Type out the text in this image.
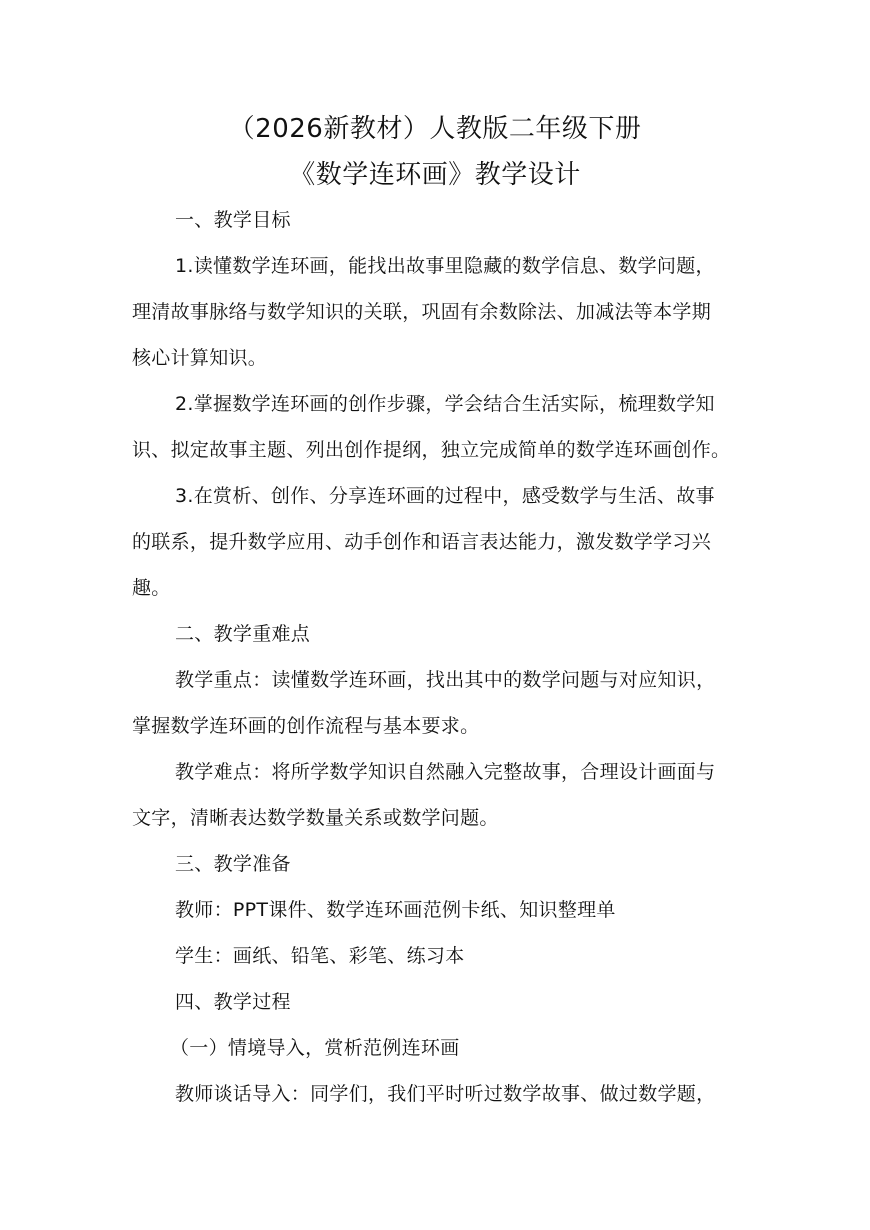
（2026新教材）人教版二年级下册
《数学连环画》教学设计
一、教学目标
1.读懂数学连环画，能找出故事里隐藏的数学信息、数学问题，
理清故事脉络与数学知识的关联，巩固有余数除法、加减法等本学期
核心计算知识。
2.掌握数学连环画的创作步骤，学会结合生活实际，梳理数学知
识、拟定故事主题、列出创作提纲，独立完成简单的数学连环画创作。
3.在赏析、创作、分享连环画的过程中，感受数学与生活、故事
的联系，提升数学应用、动手创作和语言表达能力，激发数学学习兴
趣。
二、教学重难点
教学重点：读懂数学连环画，找出其中的数学问题与对应知识，
掌握数学连环画的创作流程与基本要求。
教学难点：将所学数学知识自然融入完整故事，合理设计画面与
文字，清晰表达数学数量关系或数学问题。
三、教学准备
教师：PPT课件、数学连环画范例卡纸、知识整理单
学生：画纸、铅笔、彩笔、练习本
四、教学过程
（一）情境导入，赏析范例连环画
教师谈话导入：同学们，我们平时听过数学故事、做过数学题，
